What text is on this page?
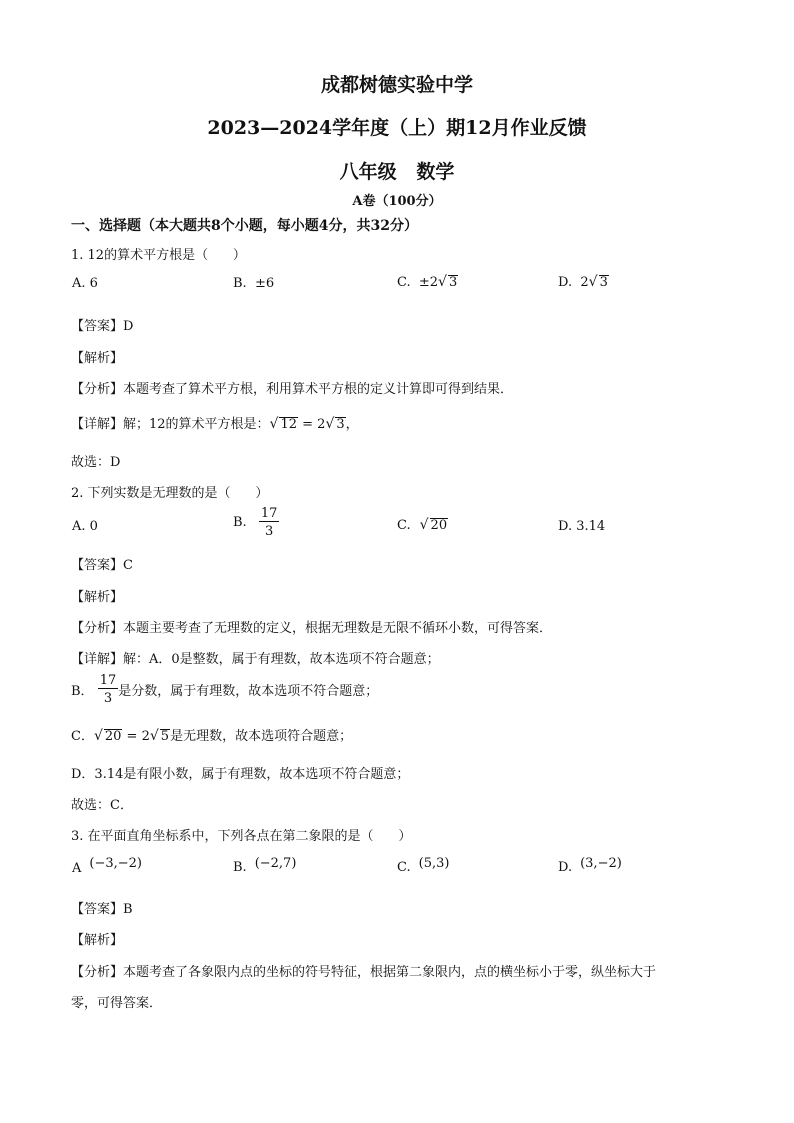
成都树德实验中学
2023—2024学年度（上）期12月作业反馈
八年级   数学
A卷（100分）
一、选择题（本大题共8个小题，每小题4分，共32分）
1. 12的算术平方根是（      ）
A. 6	B.  ±6	C.  ±2√ 3	D.  2√ 3
【答案】D
【解析】
【分析】本题考查了算术平方根，利用算术平方根的定义计算即可得到结果．
【详解】解；12的算术平方根是：√ 12 = 2√ 3，
故选：D
2. 下列实数是无理数的是（      ）
A. 0	B. $\frac{17}{3}$	C. √ 20	D. 3.14
【答案】C
【解析】
【分析】本题主要考查了无理数的定义，根据无理数是无限不循环小数，可得答案．
【详解】解：A．0是整数，属于有理数，故本选项不符合题意；
B． $\frac{17}{3}$ 是分数，属于有理数，故本选项不符合题意；
C．√ 20 = 2√ 5是无理数，故本选项符合题意；
D．3.14是有限小数，属于有理数，故本选项不符合题意；
故选：C．
3. 在平面直角坐标系中，下列各点在第二象限的是（      ）
A (−3,−2)	B. (−2,7)	C. (5,3)	D. (3,−2)
【答案】B
【解析】
【分析】本题考查了各象限内点的坐标的符号特征，根据第二象限内，点的横坐标小于零，纵坐标大于
零，可得答案．
